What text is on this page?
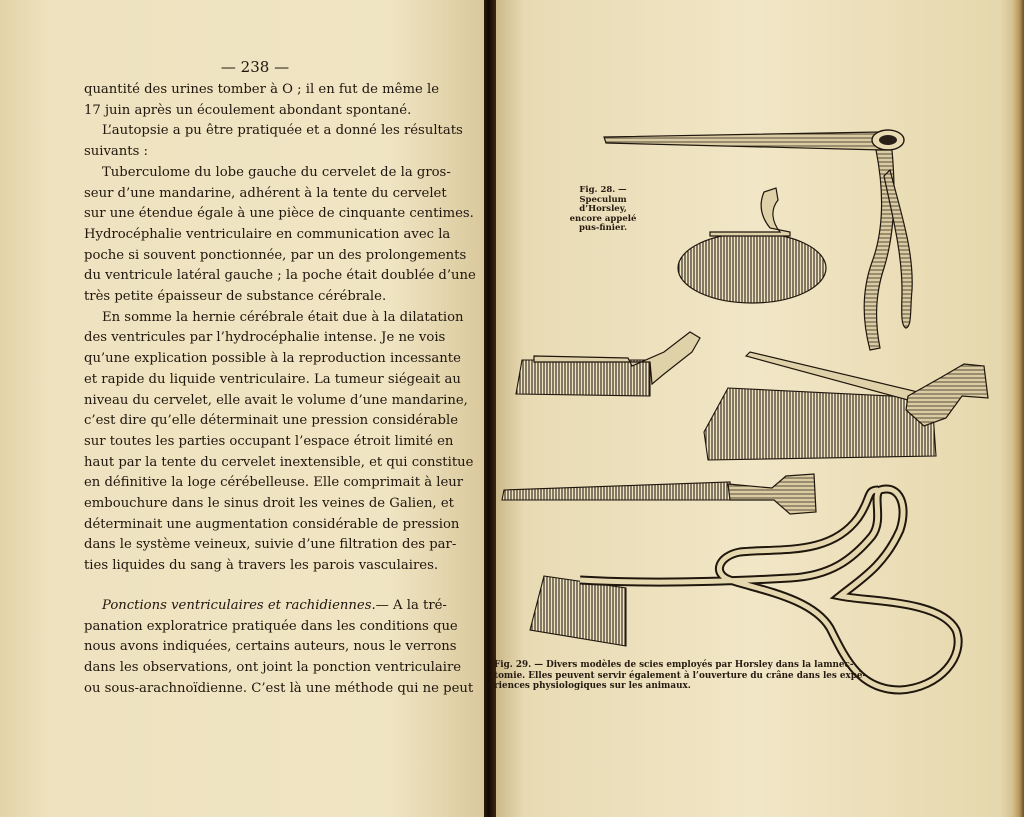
— 238 —
quantité des urines tomber à O ; il en fut de même le
17 juin après un écoulement abondant spontané.
L’autopsie a pu être pratiquée et a donné les résultats
suivants :
Tuberculome du lobe gauche du cervelet de la gros-
seur d’une mandarine, adhérent à la tente du cervelet
sur une étendue égale à une pièce de cinquante centimes.
Hydrocéphalie ventriculaire en communication avec la
poche si souvent ponctionnée, par un des prolongements
du ventricule latéral gauche ; la poche était doublée d’une
très petite épaisseur de substance cérébrale.
En somme la hernie cérébrale était due à la dilatation
des ventricules par l’hydrocéphalie intense. Je ne vois
qu’une explication possible à la reproduction incessante
et rapide du liquide ventriculaire. La tumeur siégeait au
niveau du cervelet, elle avait le volume d’une mandarine,
c’est dire qu’elle déterminait une pression considérable
sur toutes les parties occupant l’espace étroit limité en
haut par la tente du cervelet inextensible, et qui constitue
en définitive la loge cérébelleuse. Elle comprimait à leur
embouchure dans le sinus droit les veines de Galien, et
déterminait une augmentation considérable de pression
dans le système veineux, suivie d’une filtration des par-
ties liquides du sang à travers les parois vasculaires.
Ponctions ventriculaires et rachidiennes.— A la tré-
panation exploratrice pratiquée dans les conditions que
nous avons indiquées, certains auteurs, nous le verrons
dans les observations, ont joint la ponction ventriculaire
ou sous-arachnoïdienne. C’est là une méthode qui ne peut
Fig. 28. — Speculum
d’Horsley,
encore appelé
pus-finier.
Fig. 29. — Divers modèles de scies employés par Horsley dans la lamnec-
tomie. Elles peuvent servir également à l’ouverture du crâne dans les expé-
riences physiologiques sur les animaux.
